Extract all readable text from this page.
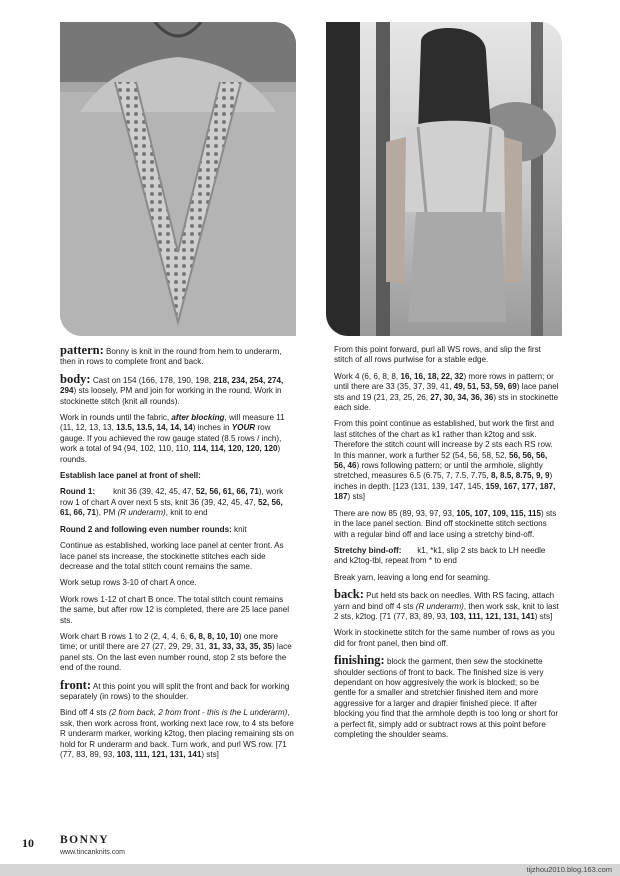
pattern: Bonny is knit in the round from hem to underarm, then in rows to complete front and back.

body: Cast on 154 (166, 178, 190, 198, 218, 234, 254, 274, 294) sts loosely, PM and join for working in the round. Work in stockinette stitch (knit all rounds).

Work in rounds until the fabric, after blocking, will measure 11 (11, 12, 13, 13, 13.5, 13.5, 14, 14, 14) inches in YOUR row gauge. If you achieved the row gauge stated (8.5 rows / inch), work a total of 94 (94, 102, 110, 110, 114, 114, 120, 120, 120) rounds.

Establish lace panel at front of shell:

Round 1: knit 36 (39, 42, 45, 47, 52, 56, 61, 66, 71), work row 1 of chart A over next 5 sts, knit 36 (39, 42, 45, 47, 52, 56, 61, 66, 71), PM (R underarm), knit to end

Round 2 and following even number rounds: knit

Continue as established, working lace panel at center front. As lace panel sts increase, the stockinette stitches each side decrease and the total stitch count remains the same.

Work setup rows 3-10 of chart A once.

Work rows 1-12 of chart B once. The total stitch count remains the same, but after row 12 is completed, there are 25 lace panel sts.

Work chart B rows 1 to 2 (2, 4, 4, 6, 6, 8, 8, 10, 10) one more time; or until there are 27 (27, 29, 29, 31, 31, 33, 33, 35, 35) lace panel sts. On the last even number round, stop 2 sts before the end of the round.

front: At this point you will split the front and back for working separately (in rows) to the shoulder.

Bind off 4 sts (2 from back, 2 from front - this is the L underarm), ssk, then work across front, working next lace row, to 4 sts before R underarm marker, working k2tog, then placing remaining sts on hold for R underarm and back. Turn work, and purl WS row. [71 (77, 83, 89, 93, 103, 111, 121, 131, 141) sts]

From this point forward, purl all WS rows, and slip the first stitch of all rows purlwise for a stable edge.

Work 4 (6, 6, 8, 8, 16, 16, 18, 22, 32) more rows in pattern; or until there are 33 (35, 37, 39, 41, 49, 51, 53, 59, 69) lace panel sts and 19 (21, 23, 25, 26, 27, 30, 34, 36, 36) sts in stockinette each side.

From this point continue as established, but work the first and last stitches of the chart as k1 rather than k2tog and ssk. Therefore the stitch count will increase by 2 sts each RS row. In this manner, work a further 52 (54, 56, 58, 52, 56, 56, 56, 56, 46) rows following pattern; or until the armhole, slightly stretched, measures 6.5 (6.75, 7, 7.5, 7.75, 8, 8.5, 8.75, 9, 9) inches in depth. [123 (131, 139, 147, 145, 159, 167, 177, 187, 187) sts]

There are now 85 (89, 93, 97, 93, 105, 107, 109, 115, 115) sts in the lace panel section. Bind off stockinette stitch sections with a regular bind off and lace using a stretchy bind-off.

Stretchy bind-off: k1, *k1, slip 2 sts back to LH needle and k2tog-tbl, repeat from * to end

Break yarn, leaving a long end for seaming.

back: Put held sts back on needles. With RS facing, attach yarn and bind off 4 sts (R underarm), then work ssk, knit to last 2 sts, k2tog. [71 (77, 83, 89, 93, 103, 111, 121, 131, 141) sts]

Work in stockinette stitch for the same number of rows as you did for front panel, then bind off.

finishing: block the garment, then sew the stockinette shoulder sections of front to back. The finished size is very dependant on how aggresively the work is blocked; so be gentle for a smaller and stretchier finished item and more aggressive for a larger and drapier finished piece. If after blocking you find that the armhole depth is too long or short for a perfect fit, simply add or subtract rows at this point before completing the shoulder seams.

10 BONNY
www.tincanknits.com
tijzhou2010.blog.163.com
